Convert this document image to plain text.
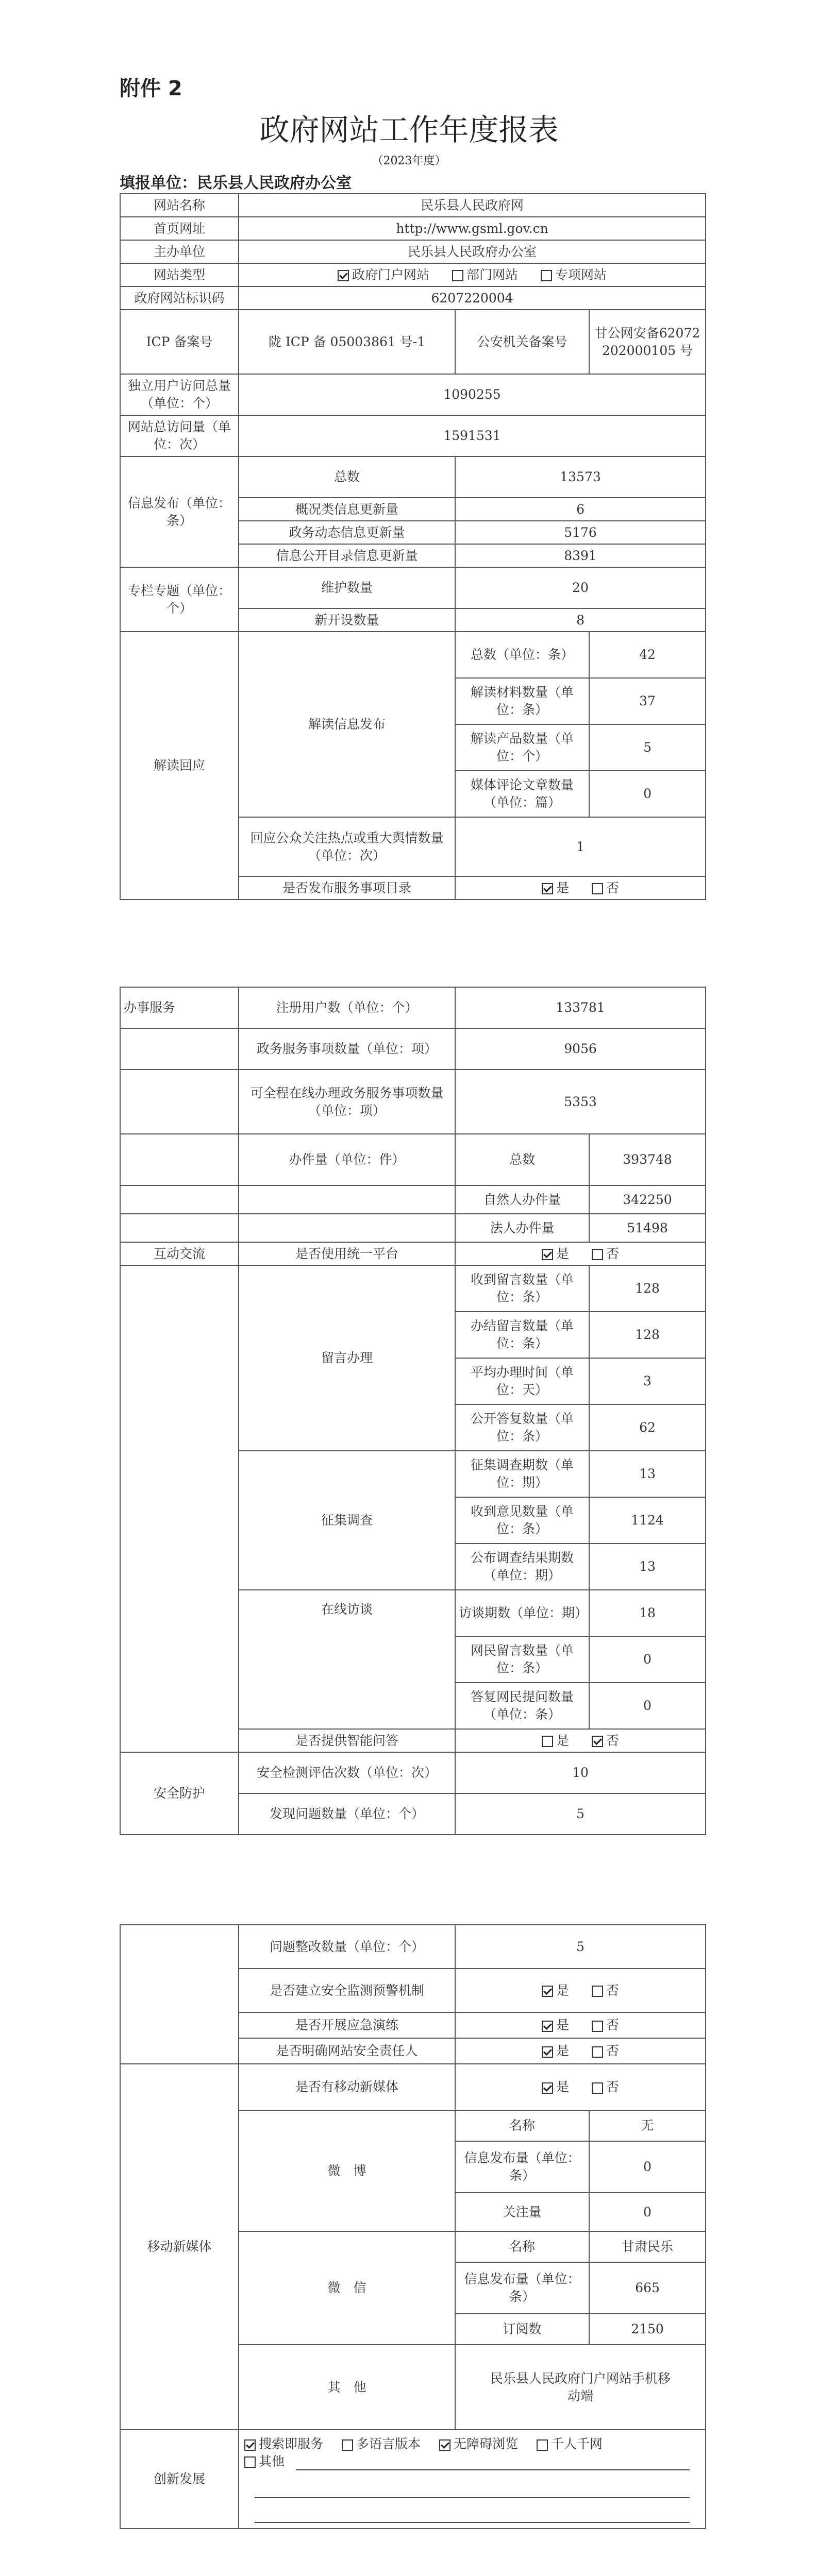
附件 2
政府网站工作年度报表
（2023年度）
填报单位：民乐县人民政府办公室
网站名称	民乐县人民政府网		
首页网址	http://www.gsml.gov.cn		
主办单位	民乐县人民政府办公室		
网站类型	政府门户网站 部门网站 专项网站		
政府网站标识码	6207220004		
ICP 备案号	陇 ICP 备 05003861 号-1	公安机关备案号	甘公网安备62072202000105 号
独立用户访问总量（单位：个）	1090255		
网站总访问量（单位：次）	1591531		
信息发布（单位：条）	总数	13573	
	概况类信息更新量	6	
	政务动态信息更新量	5176	
	信息公开目录信息更新量	8391	
专栏专题（单位：个）	维护数量	20	
	新开设数量	8	
解读回应	解读信息发布	总数（单位：条）	42
		解读材料数量（单位：条）	37
		解读产品数量（单位：个）	5
		媒体评论文章数量（单位：篇）	0
	回应公众关注热点或重大舆情数量（单位：次）	1	
	是否发布服务事项目录	是 否	
办事服务	注册用户数（单位：个）	133781	
	政务服务事项数量（单位：项）	9056	
	可全程在线办理政务服务事项数量（单位：项）	5353	
	办件量（单位：件）	总数	393748
		自然人办件量	342250
		法人办件量	51498
互动交流	是否使用统一平台	是 否	
	留言办理	收到留言数量（单位：条）	128
		办结留言数量（单位：条）	128
		平均办理时间（单位：天）	3
		公开答复数量（单位：条）	62
	征集调查	征集调查期数（单位：期）	13
		收到意见数量（单位：条）	1124
		公布调查结果期数（单位：期）	13
	在线访谈	访谈期数（单位：期）	18
		网民留言数量（单位：条）	0
		答复网民提问数量（单位：条）	0
	是否提供智能问答	是 否	
安全防护	安全检测评估次数（单位：次）	10	
	发现问题数量（单位：个）	5	
	问题整改数量（单位：个）	5	
	是否建立安全监测预警机制	是 否	
	是否开展应急演练	是 否	
	是否明确网站安全责任人	是 否	
移动新媒体	是否有移动新媒体	是 否	
	微　博	名称	无
		信息发布量（单位：条）	0
		关注量	0
	微　信	名称	甘肃民乐
		信息发布量（单位：条）	665
		订阅数	2150
	其　他	民乐县人民政府门户网站手机移动端	
创新发展	搜索即服务 多语言版本 无障碍浏览 千人千网
其他		
